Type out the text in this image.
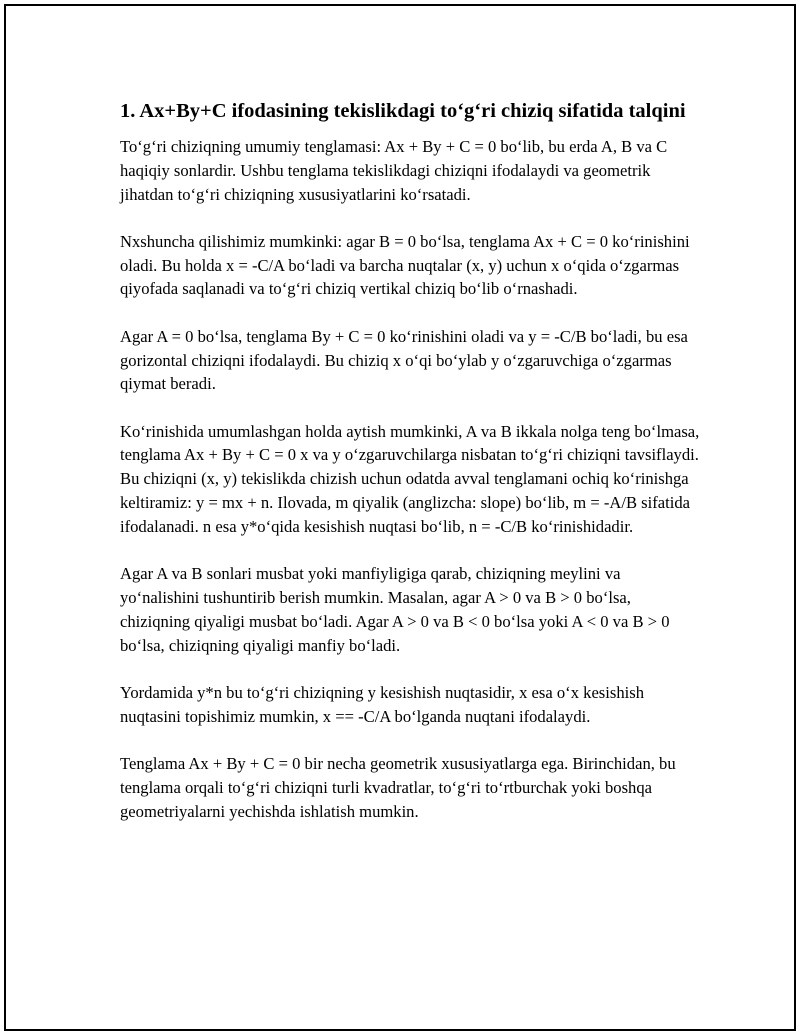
1. Ax+By+C ifodasining tekislikdagi to‘g‘ri chiziq sifatida talqini

To‘g‘ri chiziqning umumiy tenglamasi: Ax + By + C = 0 bo‘lib, bu erda A, B va C haqiqiy sonlardir. Ushbu tenglama tekislikdagi chiziqni ifodalaydi va geometrik jihatdan to‘g‘ri chiziqning xususiyatlarini ko‘rsatadi.

Nxshuncha qilishimiz mumkinki: agar B = 0 bo‘lsa, tenglama Ax + C = 0 ko‘rinishini oladi. Bu holda x = -C/A bo‘ladi va barcha nuqtalar (x, y) uchun x o‘qida o‘zgarmas qiyofada saqlanadi va to‘g‘ri chiziq vertikal chiziq bo‘lib o‘rnashadi.

Agar A = 0 bo‘lsa, tenglama By + C = 0 ko‘rinishini oladi va y = -C/B bo‘ladi, bu esa gorizontal chiziqni ifodalaydi. Bu chiziq x o‘qi bo‘ylab y o‘zgaruvchiga o‘zgarmas qiymat beradi.

Ko‘rinishida umumlashgan holda aytish mumkinki, A va B ikkala nolga teng bo‘lmasa, tenglama Ax + By + C = 0 x va y o‘zgaruvchilarga nisbatan to‘g‘ri chiziqni tavsiflaydi. Bu chiziqni (x, y) tekislikda chizish uchun odatda avval tenglamani ochiq ko‘rinishga keltiramiz: y = mx + n. Ilovada, m qiyalik (anglizcha: slope) bo‘lib, m = -A/B sifatida ifodalanadi. n esa y*o‘qida kesishish nuqtasi bo‘lib, n = -C/B ko‘rinishidadir.

Agar A va B sonlari musbat yoki manfiyligiga qarab, chiziqning meylini va yo‘nalishini tushuntirib berish mumkin. Masalan, agar A > 0 va B > 0 bo‘lsa, chiziqning qiyaligi musbat bo‘ladi. Agar A > 0 va B < 0 bo‘lsa yoki A < 0 va B > 0 bo‘lsa, chiziqning qiyaligi manfiy bo‘ladi.

Yordamida y*n bu to‘g‘ri chiziqning y kesishish nuqtasidir, x esa o‘x kesishish nuqtasini topishimiz mumkin, x == -C/A bo‘lganda nuqtani ifodalaydi.

Tenglama Ax + By + C = 0 bir necha geometrik xususiyatlarga ega. Birinchidan, bu tenglama orqali to‘g‘ri chiziqni turli kvadratlar, to‘g‘ri to‘rtburchak yoki boshqa geometriyalarni yechishda ishlatish mumkin.
